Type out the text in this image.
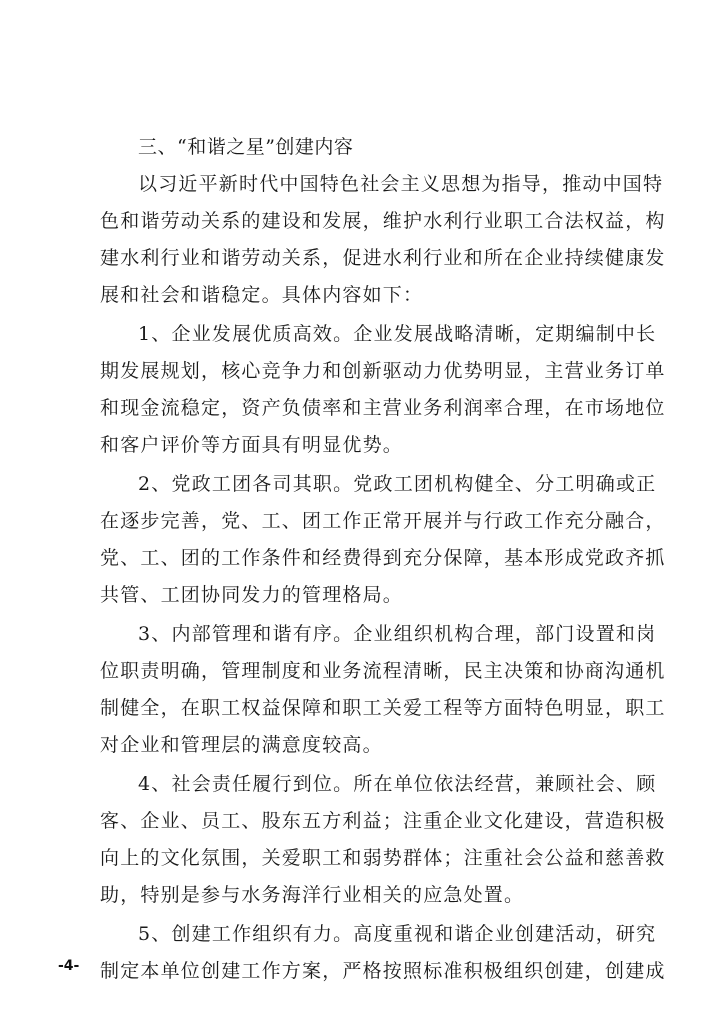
三、“和谐之星”创建内容
以习近平新时代中国特色社会主义思想为指导，推动中国特
色和谐劳动关系的建设和发展，维护水利行业职工合法权益，构
建水利行业和谐劳动关系，促进水利行业和所在企业持续健康发
展和社会和谐稳定。具体内容如下：
1、企业发展优质高效。企业发展战略清晰，定期编制中长
期发展规划，核心竞争力和创新驱动力优势明显，主营业务订单
和现金流稳定，资产负债率和主营业务利润率合理，在市场地位
和客户评价等方面具有明显优势。
2、党政工团各司其职。党政工团机构健全、分工明确或正
在逐步完善，党、工、团工作正常开展并与行政工作充分融合，
党、工、团的工作条件和经费得到充分保障，基本形成党政齐抓
共管、工团协同发力的管理格局。
3、内部管理和谐有序。企业组织机构合理，部门设置和岗
位职责明确，管理制度和业务流程清晰，民主决策和协商沟通机
制健全，在职工权益保障和职工关爱工程等方面特色明显，职工
对企业和管理层的满意度较高。
4、社会责任履行到位。所在单位依法经营，兼顾社会、顾
客、企业、员工、股东五方利益；注重企业文化建设，营造积极
向上的文化氛围，关爱职工和弱势群体；注重社会公益和慈善救
助，特别是参与水务海洋行业相关的应急处置。
5、创建工作组织有力。高度重视和谐企业创建活动，研究
制定本单位创建工作方案，严格按照标准积极组织创建，创建成
-4-
